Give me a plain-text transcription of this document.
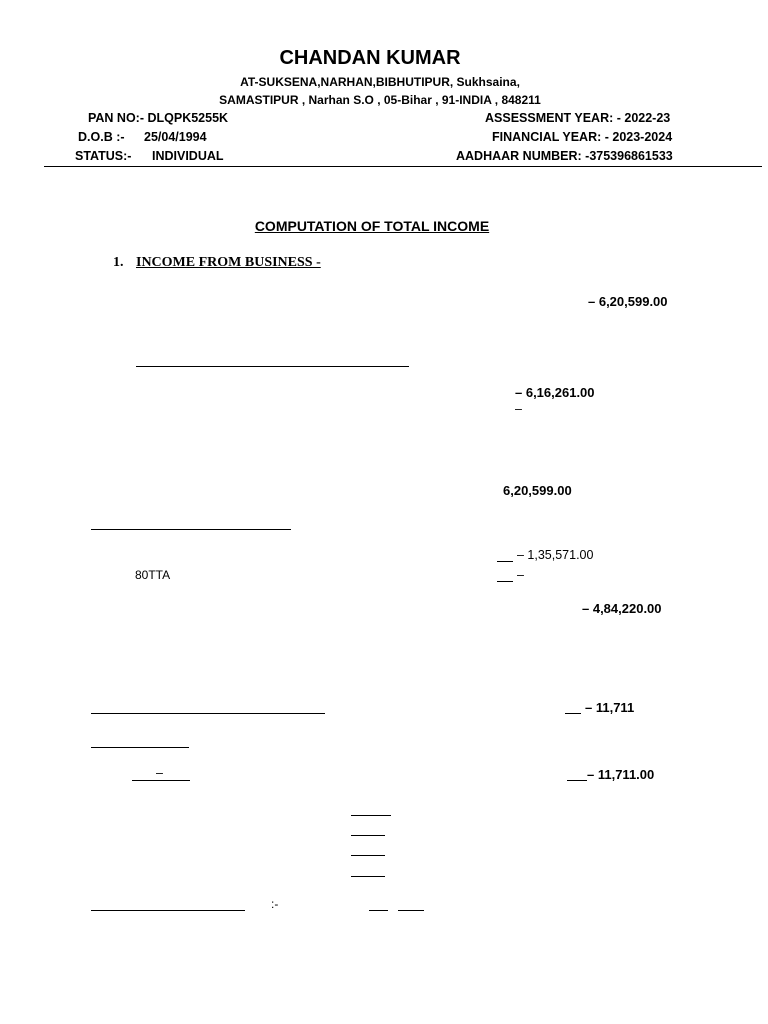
CHANDAN KUMAR
AT-SUKSENA,NARHAN,BIBHUTIPUR, Sukhsaina,
SAMASTIPUR , Narhan S.O , 05-Bihar , 91-INDIA , 848211
PAN NO:- DLQPK5255K
D.O.B :- 25/04/1994
STATUS:- INDIVIDUAL
ASSESSMENT YEAR: - 2022-23
FINANCIAL YEAR: - 2023-2024
AADHAAR NUMBER: -375396861533
COMPUTATION OF TOTAL INCOME
1. INCOME FROM BUSINESS -
– 6,20,599.00
– 6,16,261.00
–
6,20,599.00
– 1,35,571.00
80TTA	–
– 4,84,220.00
– 11,711
–	– 11,711.00
:-
